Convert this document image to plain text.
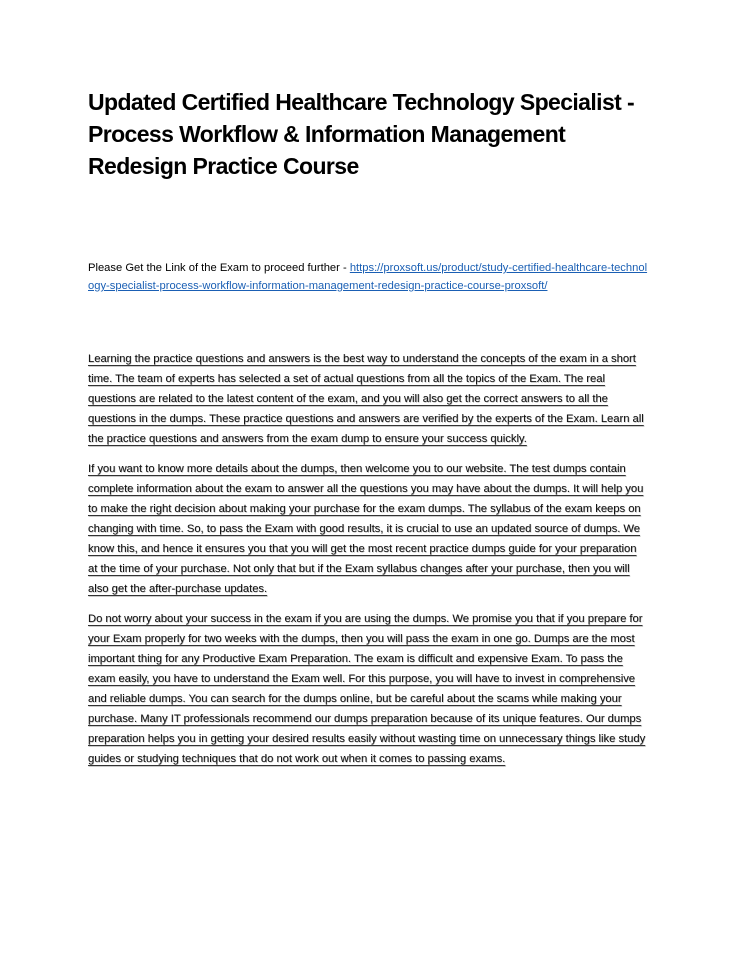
Updated Certified Healthcare Technology Specialist - Process Workflow & Information Management Redesign Practice Course

Please Get the Link of the Exam to proceed further - https://proxsoft.us/product/study-certified-healthcare-technology-specialist-process-workflow-information-management-redesign-practice-course-proxsoft/

Learning the practice questions and answers is the best way to understand the concepts of the exam in a short time. The team of experts has selected a set of actual questions from all the topics of the Exam. The real questions are related to the latest content of the exam, and you will also get the correct answers to all the questions in the dumps. These practice questions and answers are verified by the experts of the Exam. Learn all the practice questions and answers from the exam dump to ensure your success quickly.

If you want to know more details about the dumps, then welcome you to our website. The test dumps contain complete information about the exam to answer all the questions you may have about the dumps. It will help you to make the right decision about making your purchase for the exam dumps. The syllabus of the exam keeps on changing with time. So, to pass the Exam with good results, it is crucial to use an updated source of dumps. We know this, and hence it ensures you that you will get the most recent practice dumps guide for your preparation at the time of your purchase. Not only that but if the Exam syllabus changes after your purchase, then you will also get the after-purchase updates.

Do not worry about your success in the exam if you are using the dumps. We promise you that if you prepare for your Exam properly for two weeks with the dumps, then you will pass the exam in one go. Dumps are the most important thing for any Productive Exam Preparation. The exam is difficult and expensive Exam. To pass the exam easily, you have to understand the Exam well. For this purpose, you will have to invest in comprehensive and reliable dumps. You can search for the dumps online, but be careful about the scams while making your purchase. Many IT professionals recommend our dumps preparation because of its unique features. Our dumps preparation helps you in getting your desired results easily without wasting time on unnecessary things like study guides or studying techniques that do not work out when it comes to passing exams.
